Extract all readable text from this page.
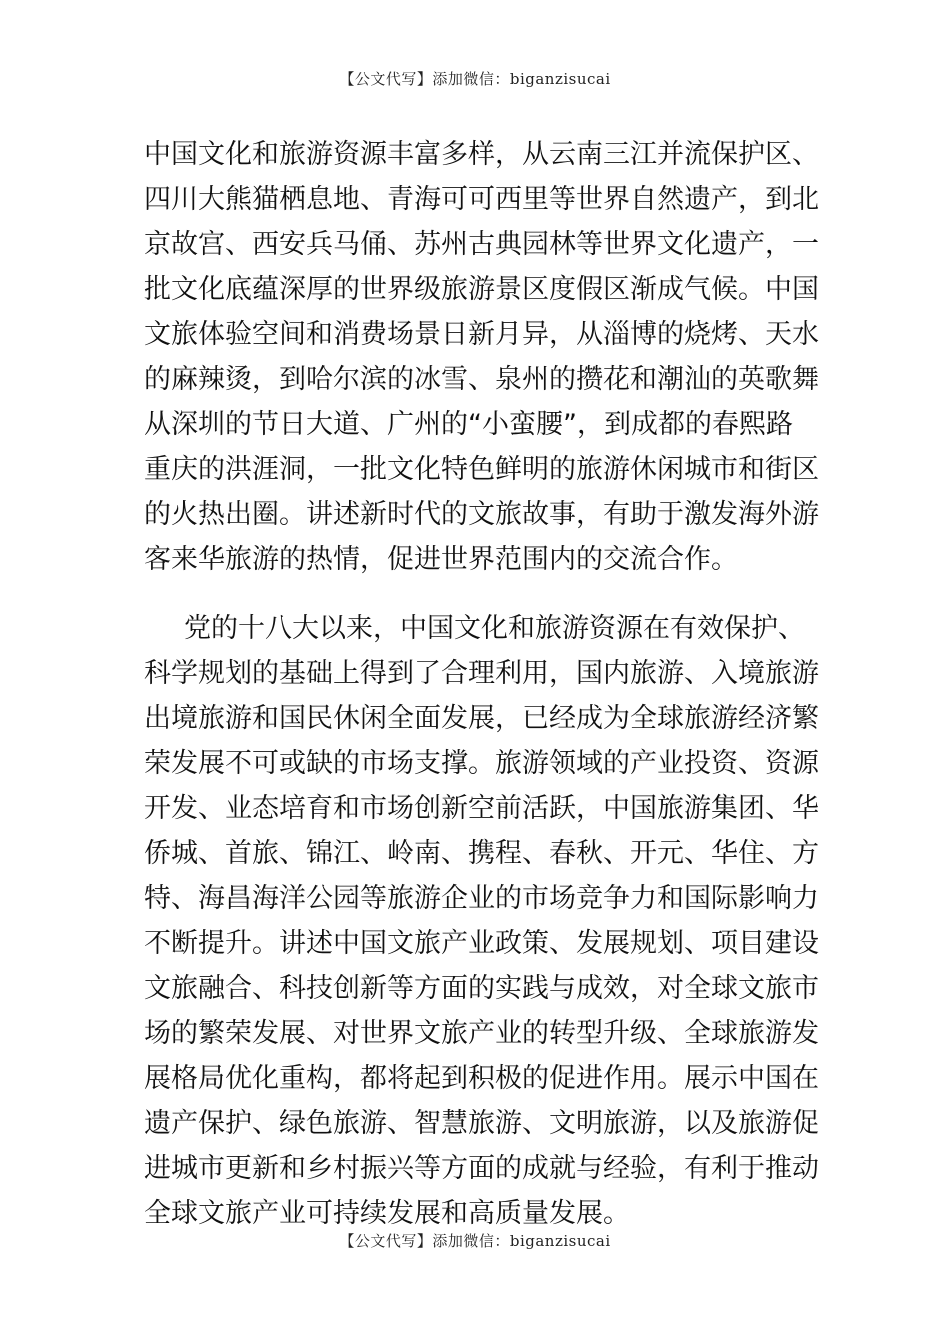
【公文代写】添加微信：biganzisucai
中国文化和旅游资源丰富多样，从云南三江并流保护区、
四川大熊猫栖息地、青海可可西里等世界自然遗产，到北
京故宫、西安兵马俑、苏州古典园林等世界文化遗产，一
批文化底蕴深厚的世界级旅游景区度假区渐成气候。中国
文旅体验空间和消费场景日新月异，从淄博的烧烤、天水
的麻辣烫，到哈尔滨的冰雪、泉州的攒花和潮汕的英歌舞
从深圳的节日大道、广州的“小蛮腰”，到成都的春熙路
重庆的洪涯洞，一批文化特色鲜明的旅游休闲城市和街区
的火热出圈。讲述新时代的文旅故事，有助于激发海外游
客来华旅游的热情，促进世界范围内的交流合作。
党的十八大以来，中国文化和旅游资源在有效保护、
科学规划的基础上得到了合理利用，国内旅游、入境旅游
出境旅游和国民休闲全面发展，已经成为全球旅游经济繁
荣发展不可或缺的市场支撑。旅游领域的产业投资、资源
开发、业态培育和市场创新空前活跃，中国旅游集团、华
侨城、首旅、锦江、岭南、携程、春秋、开元、华住、方
特、海昌海洋公园等旅游企业的市场竞争力和国际影响力
不断提升。讲述中国文旅产业政策、发展规划、项目建设
文旅融合、科技创新等方面的实践与成效，对全球文旅市
场的繁荣发展、对世界文旅产业的转型升级、全球旅游发
展格局优化重构，都将起到积极的促进作用。展示中国在
遗产保护、绿色旅游、智慧旅游、文明旅游，以及旅游促
进城市更新和乡村振兴等方面的成就与经验，有利于推动
全球文旅产业可持续发展和高质量发展。
【公文代写】添加微信：biganzisucai
